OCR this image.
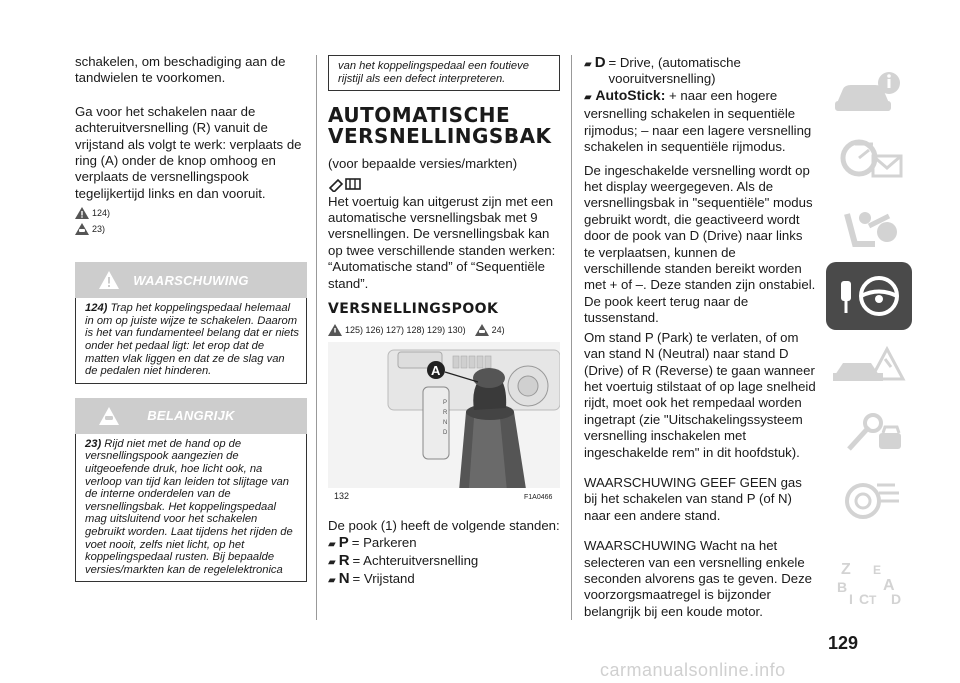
schakelen, om beschadiging aan de tandwielen te voorkomen.

Ga voor het schakelen naar de achteruitversnelling (R) vanuit de vrijstand als volgt te werk: verplaats de ring (A) onder de knop omhoog en verplaats de versnellingspook tegelijkertijd links en dan vooruit.

124)
23)
WAARSCHUWING
124) Trap het koppelingspedaal helemaal in om op juiste wijze te schakelen. Daarom is het van fundamenteel belang dat er niets onder het pedaal ligt: let erop dat de matten vlak liggen en dat ze de slag van de pedalen niet hinderen.
BELANGRIJK
23) Rijd niet met de hand op de versnellingspook aangezien de uitgeoefende druk, hoe licht ook, na verloop van tijd kan leiden tot slijtage van de interne onderdelen van de versnellingsbak. Het koppelingspedaal mag uitsluitend voor het schakelen gebruikt worden. Laat tijdens het rijden de voet nooit, zelfs niet licht, op het koppelingspedaal rusten. Bij bepaalde versies/markten kan de regelelektronica
van het koppelingspedaal een foutieve rijstijl als een defect interpreteren.
AUTOMATISCHE VERSNELLINGSBAK

(voor bepaalde versies/markten)

Het voertuig kan uitgerust zijn met een automatische versnellingsbak met 9 versnellingen. De versnellingsbak kan op twee verschillende standen werken: “Automatische stand” of “Sequentiële stand”.

VERSNELLINGSPOOK
125) 126) 127) 128) 129) 130)	24)
P
R
N
D
A
132	F1A0466

De pook (1) heeft de volgende standen:

▰ P = Parkeren
▰ R = Achteruitversnelling
▰ N = Vrijstand
▰ D = Drive, (automatische vooruitversnelling)

▰ AutoStick: + naar een hogere versnelling schakelen in sequentiële rijmodus; – naar een lagere versnelling schakelen in sequentiële rijmodus.

De ingeschakelde versnelling wordt op het display weergegeven. Als de versnellingsbak in "sequentiële" modus gebruikt wordt, die geactiveerd wordt door de pook van D (Drive) naar links te verplaatsen, kunnen de verschillende standen bereikt worden met + of –. Deze standen zijn onstabiel. De pook keert terug naar de tussenstand.

Om stand P (Park) te verlaten, of om van stand N (Neutral) naar stand D (Drive) of R (Reverse) te gaan wanneer het voertuig stilstaat of op lage snelheid rijdt, moet ook het rempedaal worden ingetrapt (zie "Uitschakelingssysteem versnelling inschakelen met ingeschakelde rem" in dit hoofdstuk).

WAARSCHUWING GEEF GEEN gas bij het schakelen van stand P (of N) naar een andere stand.

WAARSCHUWING Wacht na het selecteren van een versnelling enkele seconden alvorens gas te geven. Deze voorzorgsmaatregel is bijzonder belangrijk bij een koude motor.

Z E
B A
I C T D
129
carmanualsonline.info
